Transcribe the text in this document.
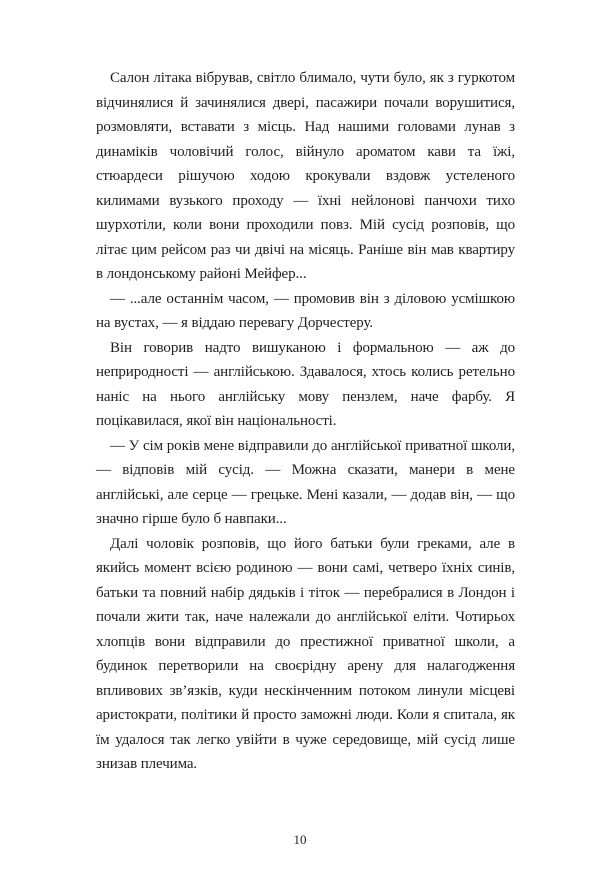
Салон літака вібрував, світло блимало, чути було, як з гуркотом відчинялися й зачинялися двері, пасажири почали ворушитися, розмовляти, вставати з місць. Над нашими головами лунав з динаміків чоловічий голос, війнуло ароматом кави та їжі, стюардеси рішучою ходою крокували вздовж устеленого килимами вузького проходу — їхні нейлонові панчохи тихо шурхотіли, коли вони проходили повз. Мій сусід розповів, що літає цим рейсом раз чи двічі на місяць. Раніше він мав квартиру в лондонському районі Мейфер...

— ...але останнім часом, — промовив він з діловою усмішкою на вустах, — я віддаю перевагу Дорчестеру.

Він говорив надто вишуканою і формальною — аж до неприродності — англійською. Здавалося, хтось колись ретельно наніс на нього англійську мову пензлем, наче фарбу. Я поцікавилася, якої він національності.

— У сім років мене відправили до англійської приватної школи, — відповів мій сусід. — Можна сказати, манери в мене англійські, але серце — грецьке. Мені казали, — додав він, — що значно гірше було б навпаки...

Далі чоловік розповів, що його батьки були греками, але в якийсь момент всією родиною — вони самі, четверо їхніх синів, батьки та повний набір дядьків і тіток — перебралися в Лондон і почали жити так, наче належали до англійської еліти. Чотирьох хлопців вони відправили до престижної приватної школи, а будинок перетворили на своєрідну арену для налагодження впливових зв’язків, куди нескінченним потоком линули місцеві аристократи, політики й просто заможні люди. Коли я спитала, як їм удалося так легко увійти в чуже середовище, мій сусід лише знизав плечима.

10
